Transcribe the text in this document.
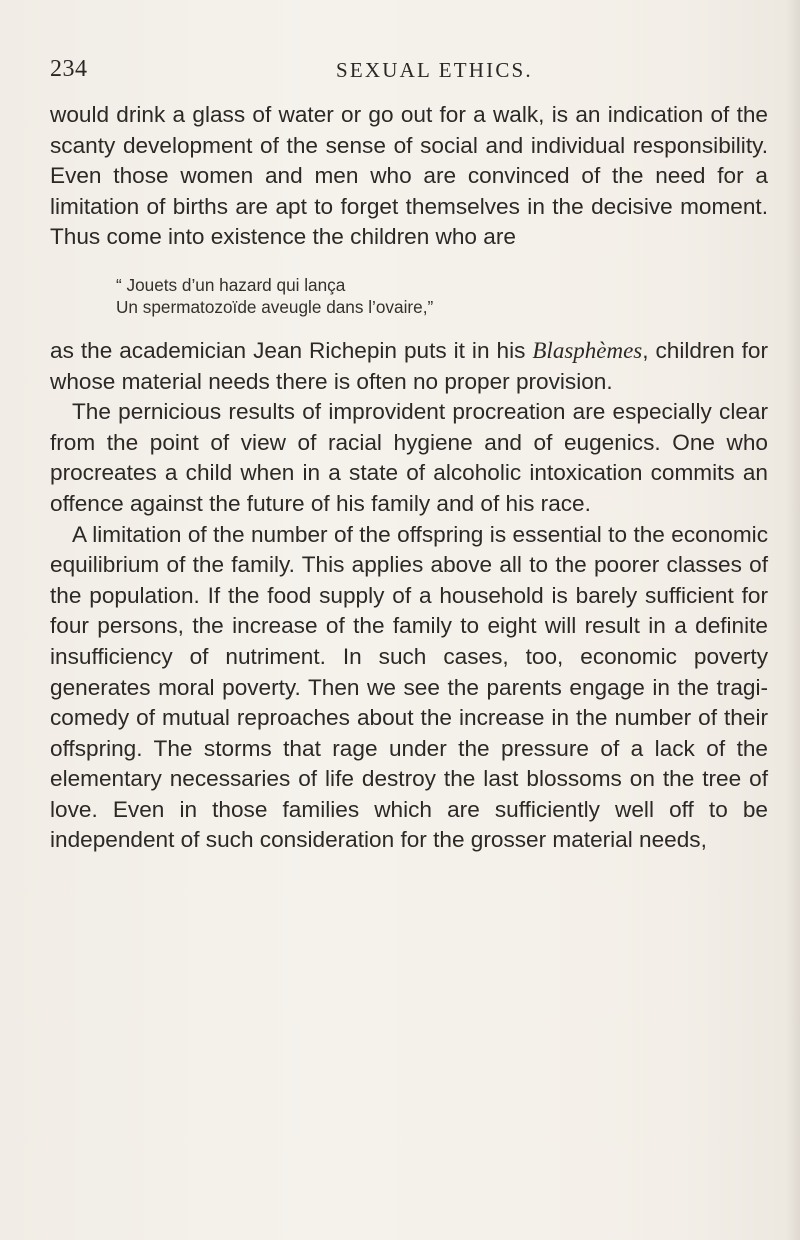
234	SEXUAL ETHICS.

would drink a glass of water or go out for a walk, is an indication of the scanty development of the sense of social and individual responsibility. Even those women and men who are convinced of the need for a limitation of births are apt to forget themselves in the decisive moment. Thus come into existence the children who are

“ Jouets d’un hazard qui lança
Un spermatozoïde aveugle dans l’ovaire,”

as the academician Jean Richepin puts it in his Blasphèmes, children for whose material needs there is often no proper provision.

The pernicious results of improvident procreation are especially clear from the point of view of racial hygiene and of eugenics. One who procreates a child when in a state of alcoholic intoxication commits an offence against the future of his family and of his race.

A limitation of the number of the offspring is essential to the economic equilibrium of the family. This applies above all to the poorer classes of the population. If the food supply of a household is barely sufficient for four persons, the increase of the family to eight will result in a definite insufficiency of nutriment. In such cases, too, economic poverty generates moral poverty. Then we see the parents engage in the tragi-comedy of mutual reproaches about the increase in the number of their offspring. The storms that rage under the pressure of a lack of the elementary necessaries of life destroy the last blossoms on the tree of love. Even in those families which are sufficiently well off to be independent of such consideration for the grosser material needs,
